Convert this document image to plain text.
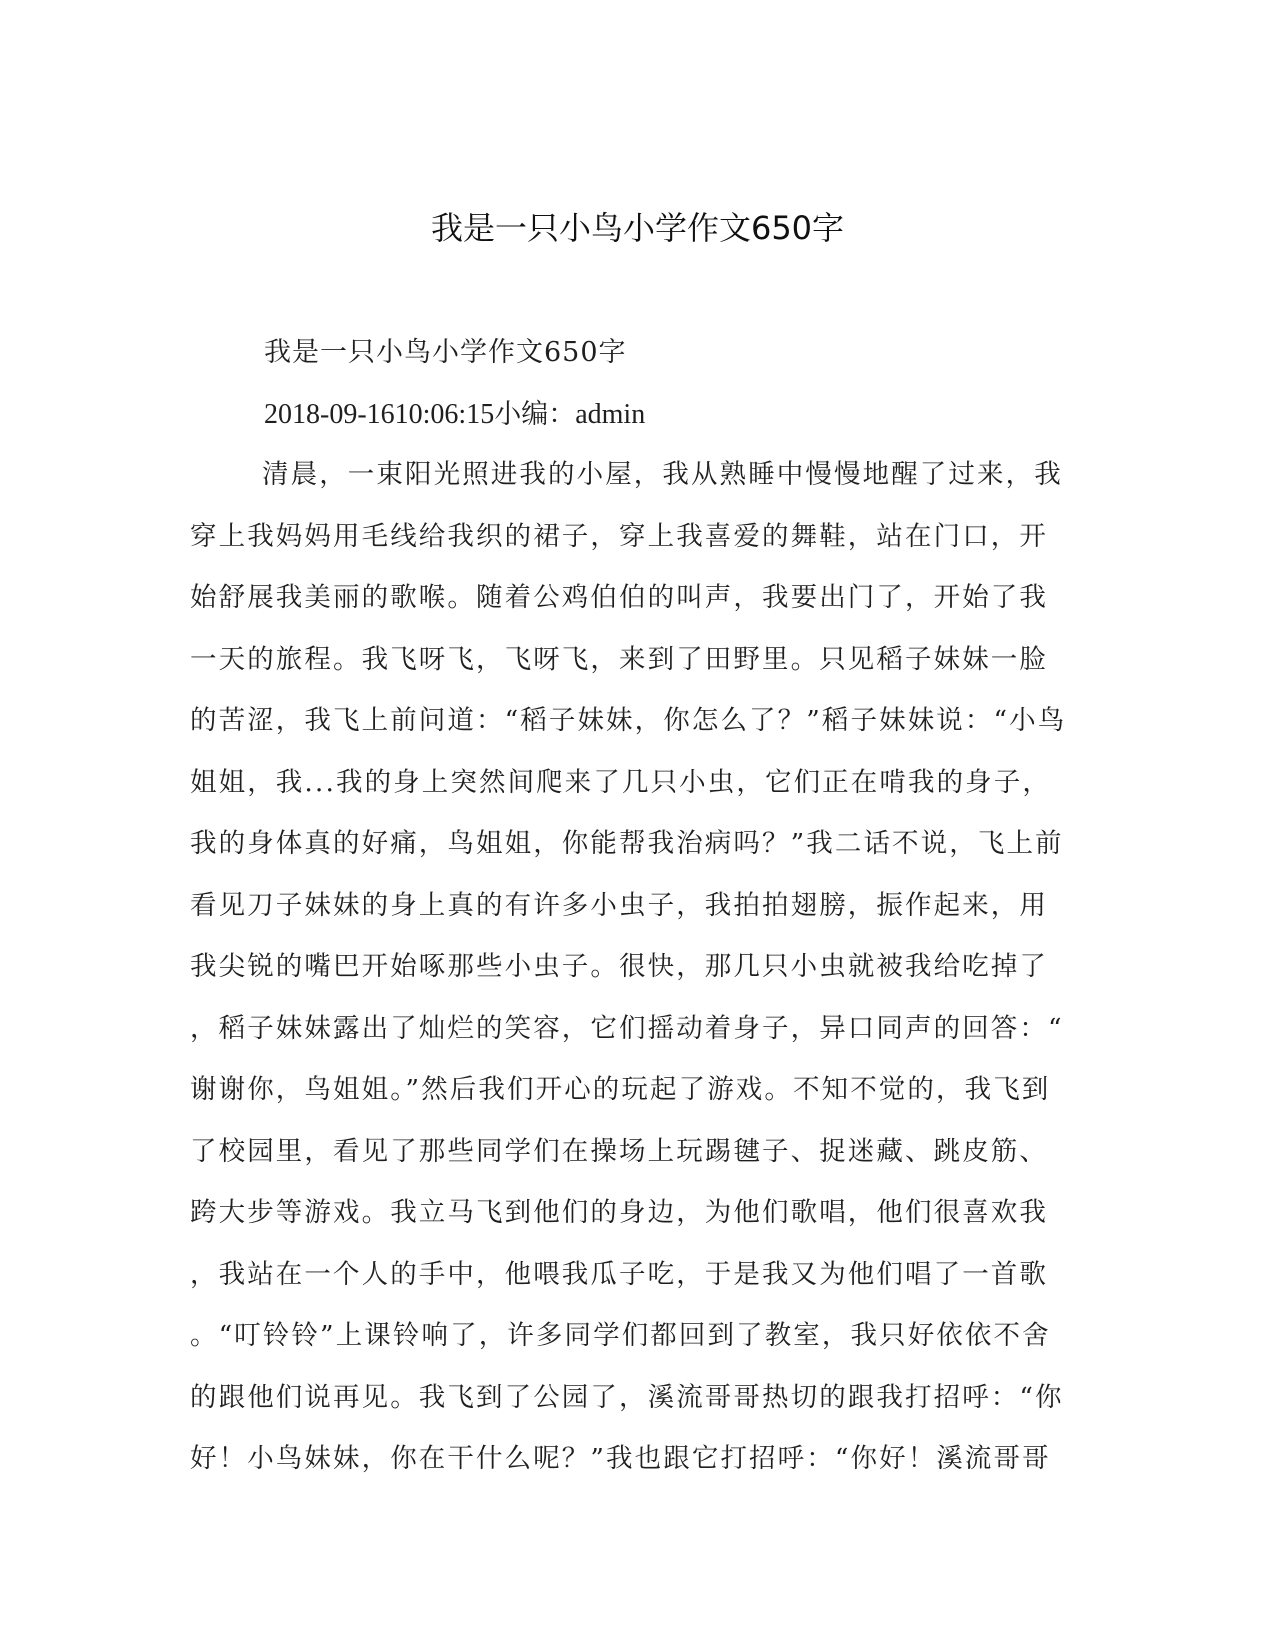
我是一只小鸟小学作文650字
我是一只小鸟小学作文650字
2018-09-1610:06:15小编：admin
清晨，一束阳光照进我的小屋，我从熟睡中慢慢地醒了过来，我
穿上我妈妈用毛线给我织的裙子，穿上我喜爱的舞鞋，站在门口，开
始舒展我美丽的歌喉。随着公鸡伯伯的叫声，我要出门了，开始了我
一天的旅程。我飞呀飞，飞呀飞，来到了田野里。只见稻子妹妹一脸
的苦涩，我飞上前问道：“稻子妹妹，你怎么了？”稻子妹妹说：“小鸟
姐姐，我...我的身上突然间爬来了几只小虫，它们正在啃我的身子，
我的身体真的好痛，鸟姐姐，你能帮我治病吗？”我二话不说，飞上前
看见刀子妹妹的身上真的有许多小虫子，我拍拍翅膀，振作起来，用
我尖锐的嘴巴开始啄那些小虫子。很快，那几只小虫就被我给吃掉了
，稻子妹妹露出了灿烂的笑容，它们摇动着身子，异口同声的回答：“
谢谢你，鸟姐姐。”然后我们开心的玩起了游戏。不知不觉的，我飞到
了校园里，看见了那些同学们在操场上玩踢毽子、捉迷藏、跳皮筋、
跨大步等游戏。我立马飞到他们的身边，为他们歌唱，他们很喜欢我
，我站在一个人的手中，他喂我瓜子吃，于是我又为他们唱了一首歌
。“叮铃铃”上课铃响了，许多同学们都回到了教室，我只好依依不舍
的跟他们说再见。我飞到了公园了，溪流哥哥热切的跟我打招呼：“你
好！小鸟妹妹，你在干什么呢？”我也跟它打招呼：“你好！溪流哥哥
